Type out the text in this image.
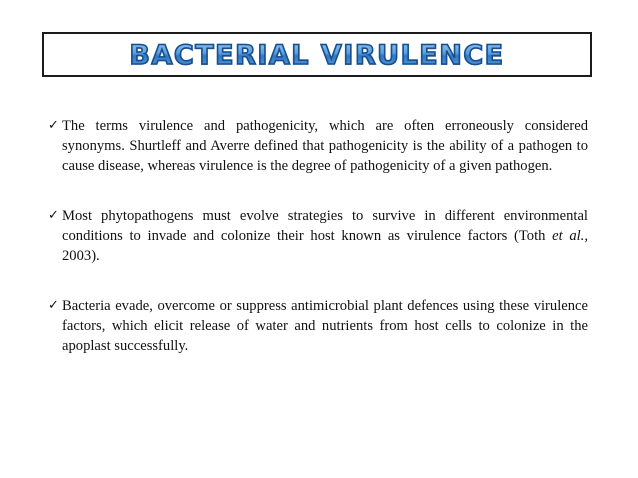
BACTERIAL VIRULENCE
✓ The terms virulence and pathogenicity, which are often erroneously considered synonyms. Shurtleff and Averre defined that pathogenicity is the ability of a pathogen to cause disease, whereas virulence is the degree of pathogenicity of a given pathogen.
✓ Most phytopathogens must evolve strategies to survive in different environmental conditions to invade and colonize their host known as virulence factors (Toth et al., 2003).
✓ Bacteria evade, overcome or suppress antimicrobial plant defences using these virulence factors, which elicit release of water and nutrients from host cells to colonize in the apoplast successfully.
